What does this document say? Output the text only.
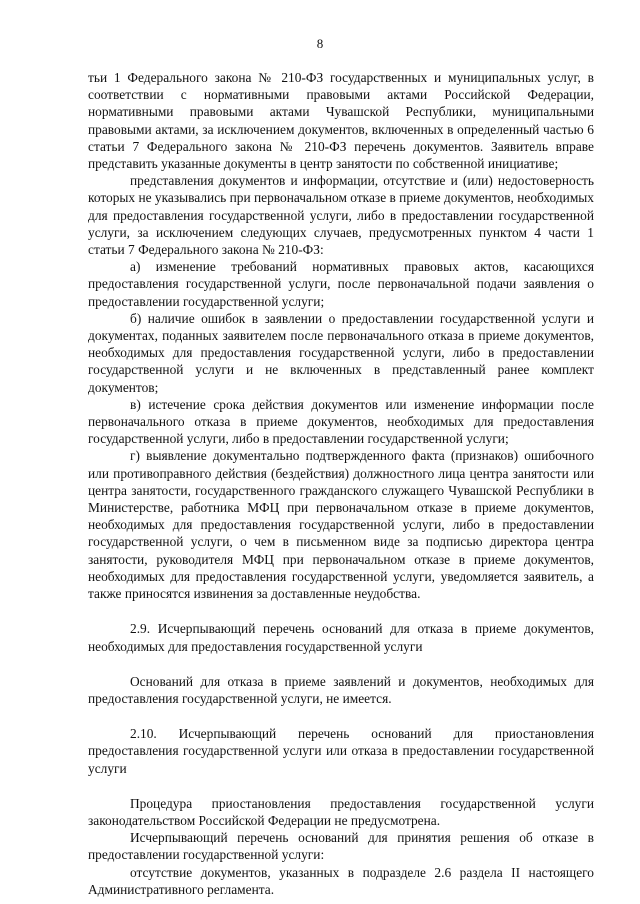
8

тьи 1 Федерального закона № 210-ФЗ государственных и муниципальных услуг, в соответствии с нормативными правовыми актами Российской Федерации, нормативными правовыми актами Чувашской Республики, муниципальными правовыми актами, за исключением документов, включенных в определенный частью 6 статьи 7 Федерального закона № 210-ФЗ перечень документов. Заявитель вправе представить указанные документы в центр занятости по собственной инициативе;

представления документов и информации, отсутствие и (или) недостоверность которых не указывались при первоначальном отказе в приеме документов, необходимых для предоставления государственной услуги, либо в предоставлении государственной услуги, за исключением следующих случаев, предусмотренных пунктом 4 части 1 статьи 7 Федерального закона № 210-ФЗ:

а) изменение требований нормативных правовых актов, касающихся предоставления государственной услуги, после первоначальной подачи заявления о предоставлении государственной услуги;

б) наличие ошибок в заявлении о предоставлении государственной услуги и документах, поданных заявителем после первоначального отказа в приеме документов, необходимых для предоставления государственной услуги, либо в предоставлении государственной услуги и не включенных в представленный ранее комплект документов;

в) истечение срока действия документов или изменение информации после первоначального отказа в приеме документов, необходимых для предоставления государственной услуги, либо в предоставлении государственной услуги;

г) выявление документально подтвержденного факта (признаков) ошибочного или противоправного действия (бездействия) должностного лица центра занятости или центра занятости, государственного гражданского служащего Чувашской Республики в Министерстве, работника МФЦ при первоначальном отказе в приеме документов, необходимых для предоставления государственной услуги, либо в предоставлении государственной услуги, о чем в письменном виде за подписью директора центра занятости, руководителя МФЦ при первоначальном отказе в приеме документов, необходимых для предоставления государственной услуги, уведомляется заявитель, а также приносятся извинения за доставленные неудобства.

2.9. Исчерпывающий перечень оснований для отказа в приеме документов, необходимых для предоставления государственной услуги

Оснований для отказа в приеме заявлений и документов, необходимых для предоставления государственной услуги, не имеется.

2.10. Исчерпывающий перечень оснований для приостановления предоставления государственной услуги или отказа в предоставлении государственной услуги

Процедура приостановления предоставления государственной услуги законодательством Российской Федерации не предусмотрена.

Исчерпывающий перечень оснований для принятия решения об отказе в предоставлении государственной услуги:

отсутствие документов, указанных в подразделе 2.6 раздела II настоящего Административного регламента.
